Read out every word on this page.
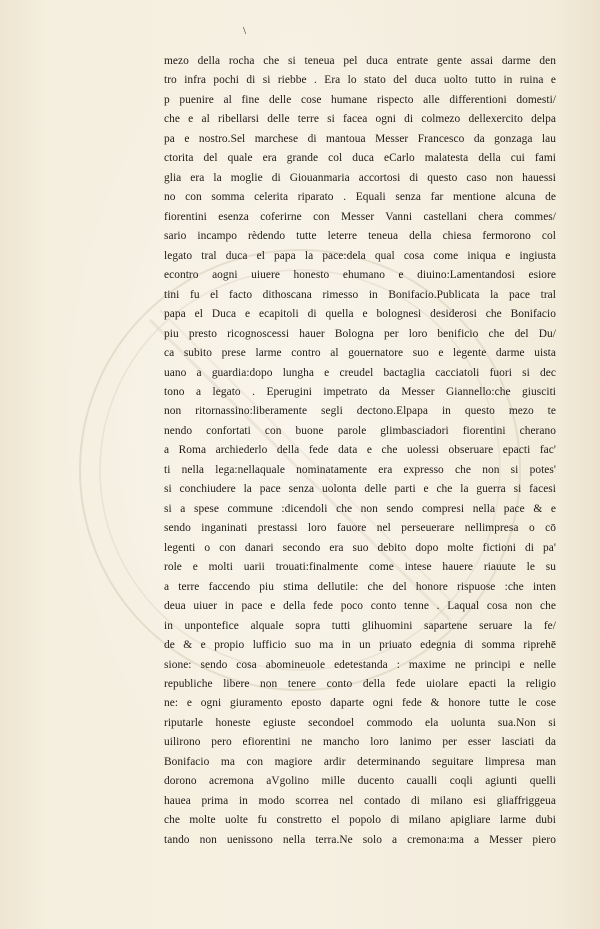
\
mezo della rocha che si teneua pel duca entrate gente assai darme den
tro infra pochi di si riebbe . Era lo stato del duca uolto tutto in ruina e
p puenire al fine delle cose humane rispecto alle differentioni domesti/
che e al ribellarsi delle terre si facea ogni di colmezo dellexercito delpa
pa e nostro.Sel marchese di mantoua Messer Francesco da gonzaga lau
ctorita del quale era grande col duca eCarlo malatesta della cui fami
glia era la moglie di Giouanmaria accortosi di questo caso non hauessi
no con somma celerita riparato . Equali senza far mentione alcuna de
fiorentini esenza coferirne con Messer Vanni castellani chera commes/
sario incampo rèdendo tutte leterre teneua della chiesa fermorono col
legato tral duca el papa la pace:dela qual cosa come iniqua e ingiusta
econtro aogni uiuere honesto ehumano e diuino:Lamentandosi esiore
tini fu el facto dithoscana rimesso in Bonifacio.Publicata la pace tral
papa el Duca e ecapitoli di quella e bolognesi desiderosi che Bonifacio
piu presto ricognoscessi hauer Bologna per loro benificio che del Du/
ca subito prese larme contro al gouernatore suo e legente darme uista
uano a guardia:dopo lungha e creudel bactaglia cacciatoli fuori si dec
tono a legato . Eperugini impetrato da Messer Giannello:che giusciti
non ritornassino:liberamente segli dectono.Elpapa in questo mezo te
nendo confortati con buone parole glimbasciadori fiorentini cherano
a Roma archiederlo della fede data e che uolessi obseruare epacti fac'
ti nella lega:nellaquale nominatamente era expresso che non si potes'
si conchiudere la pace senza uolonta delle parti e che la guerra si facesi
si a spese commune :dicendoli che non sendo compresi nella pace & e
sendo inganinati prestassi loro fauore nel perseuerare nellimpresa o cō
legenti o con danari secondo era suo debito dopo molte fictioni di pa'
role e molti uarii trouati:finalmente come intese hauere riauute le su
a terre faccendo piu stima dellutile: che del honore rispuose :che inten
deua uiuer in pace e della fede poco conto tenne . Laqual cosa non che
in unpontefice alquale sopra tutti glihuomini sapartene seruare la fe/
de & e propio lufficio suo ma in un priuato edegnia di somma riprehē
sione: sendo cosa abomineuole edetestanda : maxime ne principi e nelle
republiche libere non tenere conto della fede uiolare epacti la religio
ne: e ogni giuramento eposto daparte ogni fede & honore tutte le cose
riputarle honeste egiuste secondoel commodo ela uolunta sua.Non si
uilirono pero efiorentini ne mancho loro lanimo per esser lasciati da
Bonifacio ma con magiore ardir determinando seguitare limpresa man
dorono acremona aVgolino mille ducento caualli coqli agiunti quelli
hauea prima in modo scorrea nel contado di milano esi gliaffriggeua
che molte uolte fu constretto el popolo di milano apigliare larme dubi
tando non uenissono nella terra.Ne solo a cremona:ma a Messer piero
